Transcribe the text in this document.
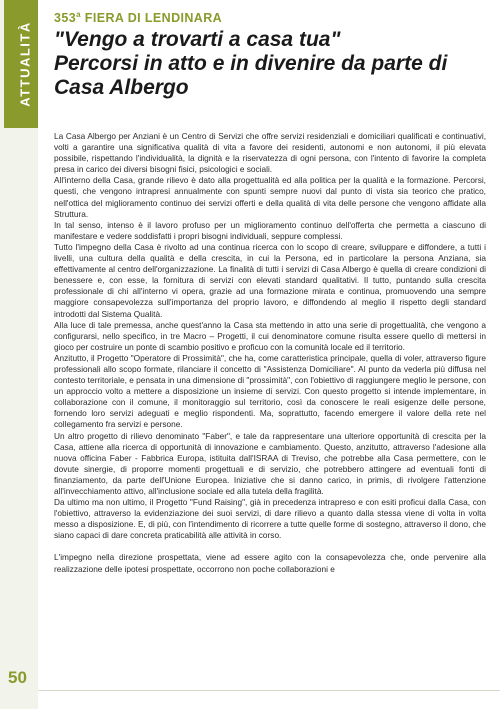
ATTUALITÀ
353$^a$ FIERA DI LENDINARA
"Vengo a trovarti a casa tua"
Percorsi in atto e in divenire da parte di
Casa Albergo

La Casa Albergo per Anziani è un Centro di Servizi che offre servizi residenziali e domiciliari qualificati e continuativi, volti a garantire una significativa qualità di vita a favore dei residenti, autonomi e non autonomi, il più elevata possibile, rispettando l'individualità, la dignità e la riservatezza di ogni persona, con l'intento di favorire la completa presa in carico dei diversi bisogni fisici, psicologici e sociali.

All'interno della Casa, grande rilievo è dato alla progettualità ed alla politica per la qualità e la formazione. Percorsi, questi, che vengono intrapresi annualmente con spunti sempre nuovi dal punto di vista sia teorico che pratico, nell'ottica del miglioramento continuo dei servizi offerti e della qualità di vita delle persone che vengono affidate alla Struttura.

In tal senso, intenso è il lavoro profuso per un miglioramento continuo dell'offerta che permetta a ciascuno di manifestare e vedere soddisfatti i propri bisogni individuali, seppure complessi.

Tutto l'impegno della Casa è rivolto ad una continua ricerca con lo scopo di creare, sviluppare e diffondere, a tutti i livelli, una cultura della qualità e della crescita, in cui la Persona, ed in particolare la persona Anziana, sia effettivamente al centro dell'organizzazione. La finalità di tutti i servizi di Casa Albergo è quella di creare condizioni di benessere e, con esse, la fornitura di servizi con elevati standard qualitativi. Il tutto, puntando sulla crescita professionale di chi all'interno vi opera, grazie ad una formazione mirata e continua, promuovendo una sempre maggiore consapevolezza sull'importanza del proprio lavoro, e diffondendo al meglio il rispetto degli standard introdotti dal Sistema Qualità.

Alla luce di tale premessa, anche quest'anno la Casa sta mettendo in atto una serie di progettualità, che vengono a configurarsi, nello specifico, in tre Macro – Progetti, il cui denominatore comune risulta essere quello di mettersi in gioco per costruire un ponte di scambio positivo e proficuo con la comunità locale ed il territorio.

Anzitutto, il Progetto "Operatore di Prossimità", che ha, come caratteristica principale, quella di voler, attraverso figure professionali allo scopo formate, rilanciare il concetto di "Assistenza Domiciliare". Al punto da vederla più diffusa nel contesto territoriale, e pensata in una dimensione di "prossimità", con l'obiettivo di raggiungere meglio le persone, con un approccio volto a mettere a disposizione un insieme di servizi. Con questo progetto si intende implementare, in collaborazione con il comune, il monitoraggio sul territorio, così da conoscere le reali esigenze delle persone, fornendo loro servizi adeguati e meglio rispondenti. Ma, soprattutto, facendo emergere il valore della rete nel collegamento fra servizi e persone.

Un altro progetto di rilievo denominato "Faber", e tale da rappresentare una ulteriore opportunità di crescita per la Casa, attiene alla ricerca di opportunità di innovazione e cambiamento. Questo, anzitutto, attraverso l'adesione alla nuova officina Faber - Fabbrica Europa, istituita dall'ISRAA di Treviso, che potrebbe alla Casa permettere, con le dovute sinergie, di proporre momenti progettuali e di servizio, che potrebbero attingere ad eventuali fonti di finanziamento, da parte dell'Unione Europea. Iniziative che si danno carico, in primis, di rivolgere l'attenzione all'invecchiamento attivo, all'inclusione sociale ed alla tutela della fragilità.

Da ultimo ma non ultimo, il Progetto "Fund Raising", già in precedenza intrapreso e con esiti proficui dalla Casa, con l'obiettivo, attraverso la evidenziazione dei suoi servizi, di dare rilievo a quanto dalla stessa viene di volta in volta messo a disposizione. E, di più, con l'intendimento di ricorrere a tutte quelle forme di sostegno, attraverso il dono, che siano capaci di dare concreta praticabilità alle attività in corso.

L'impegno nella direzione prospettata, viene ad essere agito con la consapevolezza che, onde pervenire alla realizzazione delle ipotesi prospettate, occorrono non poche collaborazioni e

50
